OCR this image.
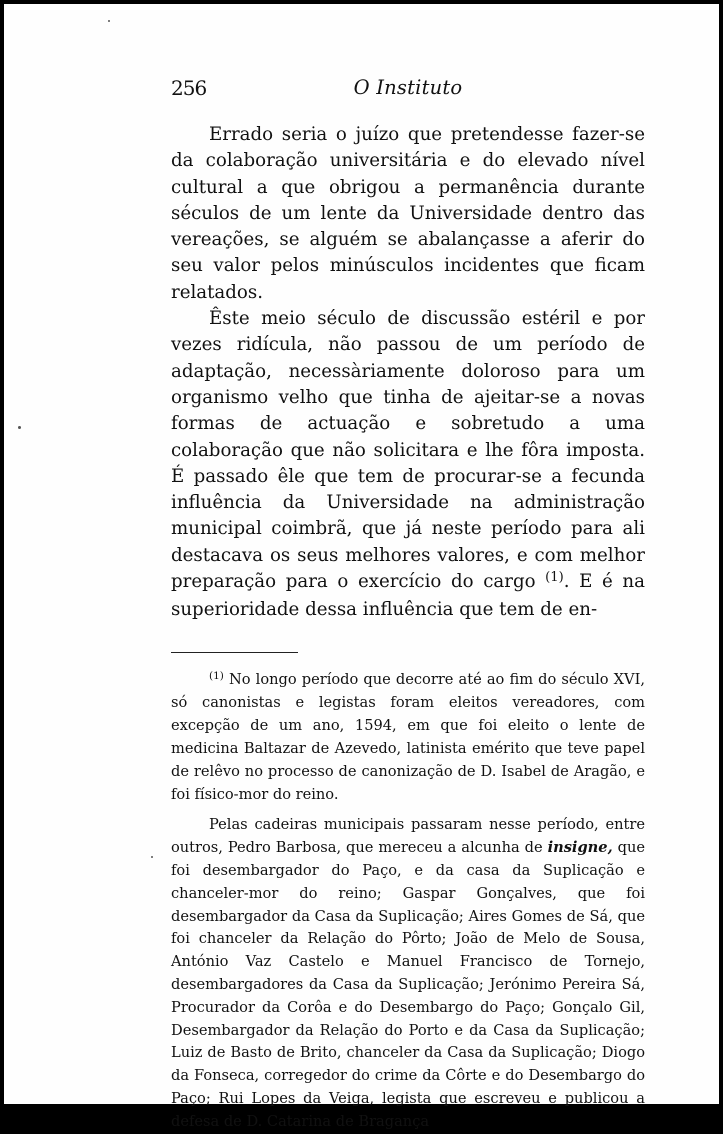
256	O Instituto

Errado seria o juízo que pretendesse fazer-se da colaboração universitária e do elevado nível cultural a que obrigou a permanência durante séculos de um lente da Universidade dentro das vereações, se alguém se abalançasse a aferir do seu valor pelos minúsculos incidentes que ficam relatados.

Êste meio século de discussão estéril e por vezes ridícula, não passou de um período de adaptação, necessàriamente doloroso para um organismo velho que tinha de ajeitar-se a novas formas de actuação e sobretudo a uma colaboração que não solicitara e lhe fôra imposta. É passado êle que tem de procurar-se a fecunda influência da Universidade na administração municipal coimbrã, que já neste período para ali destacava os seus melhores valores, e com melhor preparação para o exercício do cargo $^{(1)}$. E é na superioridade dessa influência que tem de en-

$^{(1)}$ No longo período que decorre até ao fim do século XVI, só canonistas e legistas foram eleitos vereadores, com excepção de um ano, 1594, em que foi eleito o lente de medicina Baltazar de Azevedo, latinista emérito que teve papel de relêvo no processo de canonização de D. Isabel de Aragão, e foi físico-mor do reino.

Pelas cadeiras municipais passaram nesse período, entre outros, Pedro Barbosa, que mereceu a alcunha de insigne, que foi desembargador do Paço, e da casa da Suplicação e chanceler-mor do reino; Gaspar Gonçalves, que foi desembargador da Casa da Suplicação; Aires Gomes de Sá, que foi chanceler da Relação do Pôrto; João de Melo de Sousa, António Vaz Castelo e Manuel Francisco de Tornejo, desembargadores da Casa da Suplicação; Jerónimo Pereira Sá, Procurador da Corôa e do Desembargo do Paço; Gonçalo Gil, Desembargador da Relação do Porto e da Casa da Suplicação; Luiz de Basto de Brito, chanceler da Casa da Suplicação; Diogo da Fonseca, corregedor do crime da Côrte e do Desembargo do Paço; Rui Lopes da Veiga, legista que escreveu e publicou a defesa de D. Catarina de Bragança
